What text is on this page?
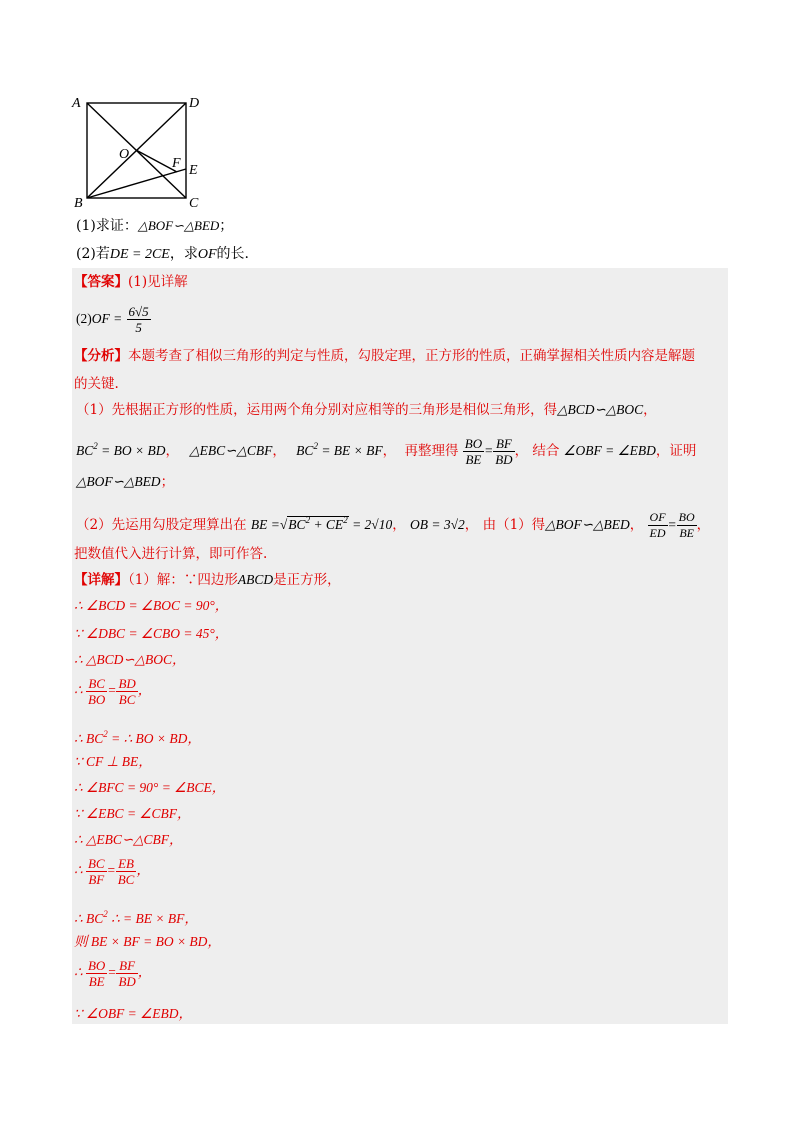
A	D
O
F E
B	C
(1)求证：△BOF∽△BED；
(2)若DE = 2CE，求OF的长.
【答案】(1)见详解
$(2)OF = \frac{6√5}{5}$
【分析】本题考查了相似三角形的判定与性质，勾股定理，正方形的性质，正确掌握相关性质内容是解题
的关键.
（1）先根据正方形的性质，运用两个角分别对应相等的三角形是相似三角形，得△BCD∽△BOC，
$BC^2$ = BO × BD， △EBC∽△CBF， $BC^2$ = BE × BF， 再整理得 $\frac{BO}{BE} = \frac{BF}{BD}$ ， 结合 ∠OBF = ∠EBD，证明
△BOF∽△BED；
（2）先运用勾股定理算出在 BE $=√BC^2 + CE^2 = 2√10$， OB = 3√2， 由（1）得△BOF∽△BED， $\frac{OF}{ED} = \frac{BO}{BE}$ ，
把数值代入进行计算，即可作答.
【详解】（1）解：∵四边形ABCD是正方形，
∴ ∠BCD = ∠BOC = 90°，
∵ ∠DBC = ∠CBO = 45°，
∴ △BCD∽△BOC，
∴ $\frac{BC}{BO} = \frac{BD}{BC}$ ，
∴ $BC^2$ = ∴ BO × BD，
∵ CF ⊥ BE，
∴ ∠BFC = 90° = ∠BCE，
∵ ∠EBC = ∠CBF，
∴ △EBC∽△CBF，
∴ $\frac{BC}{BF} = \frac{EB}{BC}$ ，
∴ $BC^2$ ∴ = BE × BF，
则 BE × BF = BO × BD，
∴ $\frac{BO}{BE} = \frac{BF}{BD}$ ，
∵ ∠OBF = ∠EBD，
